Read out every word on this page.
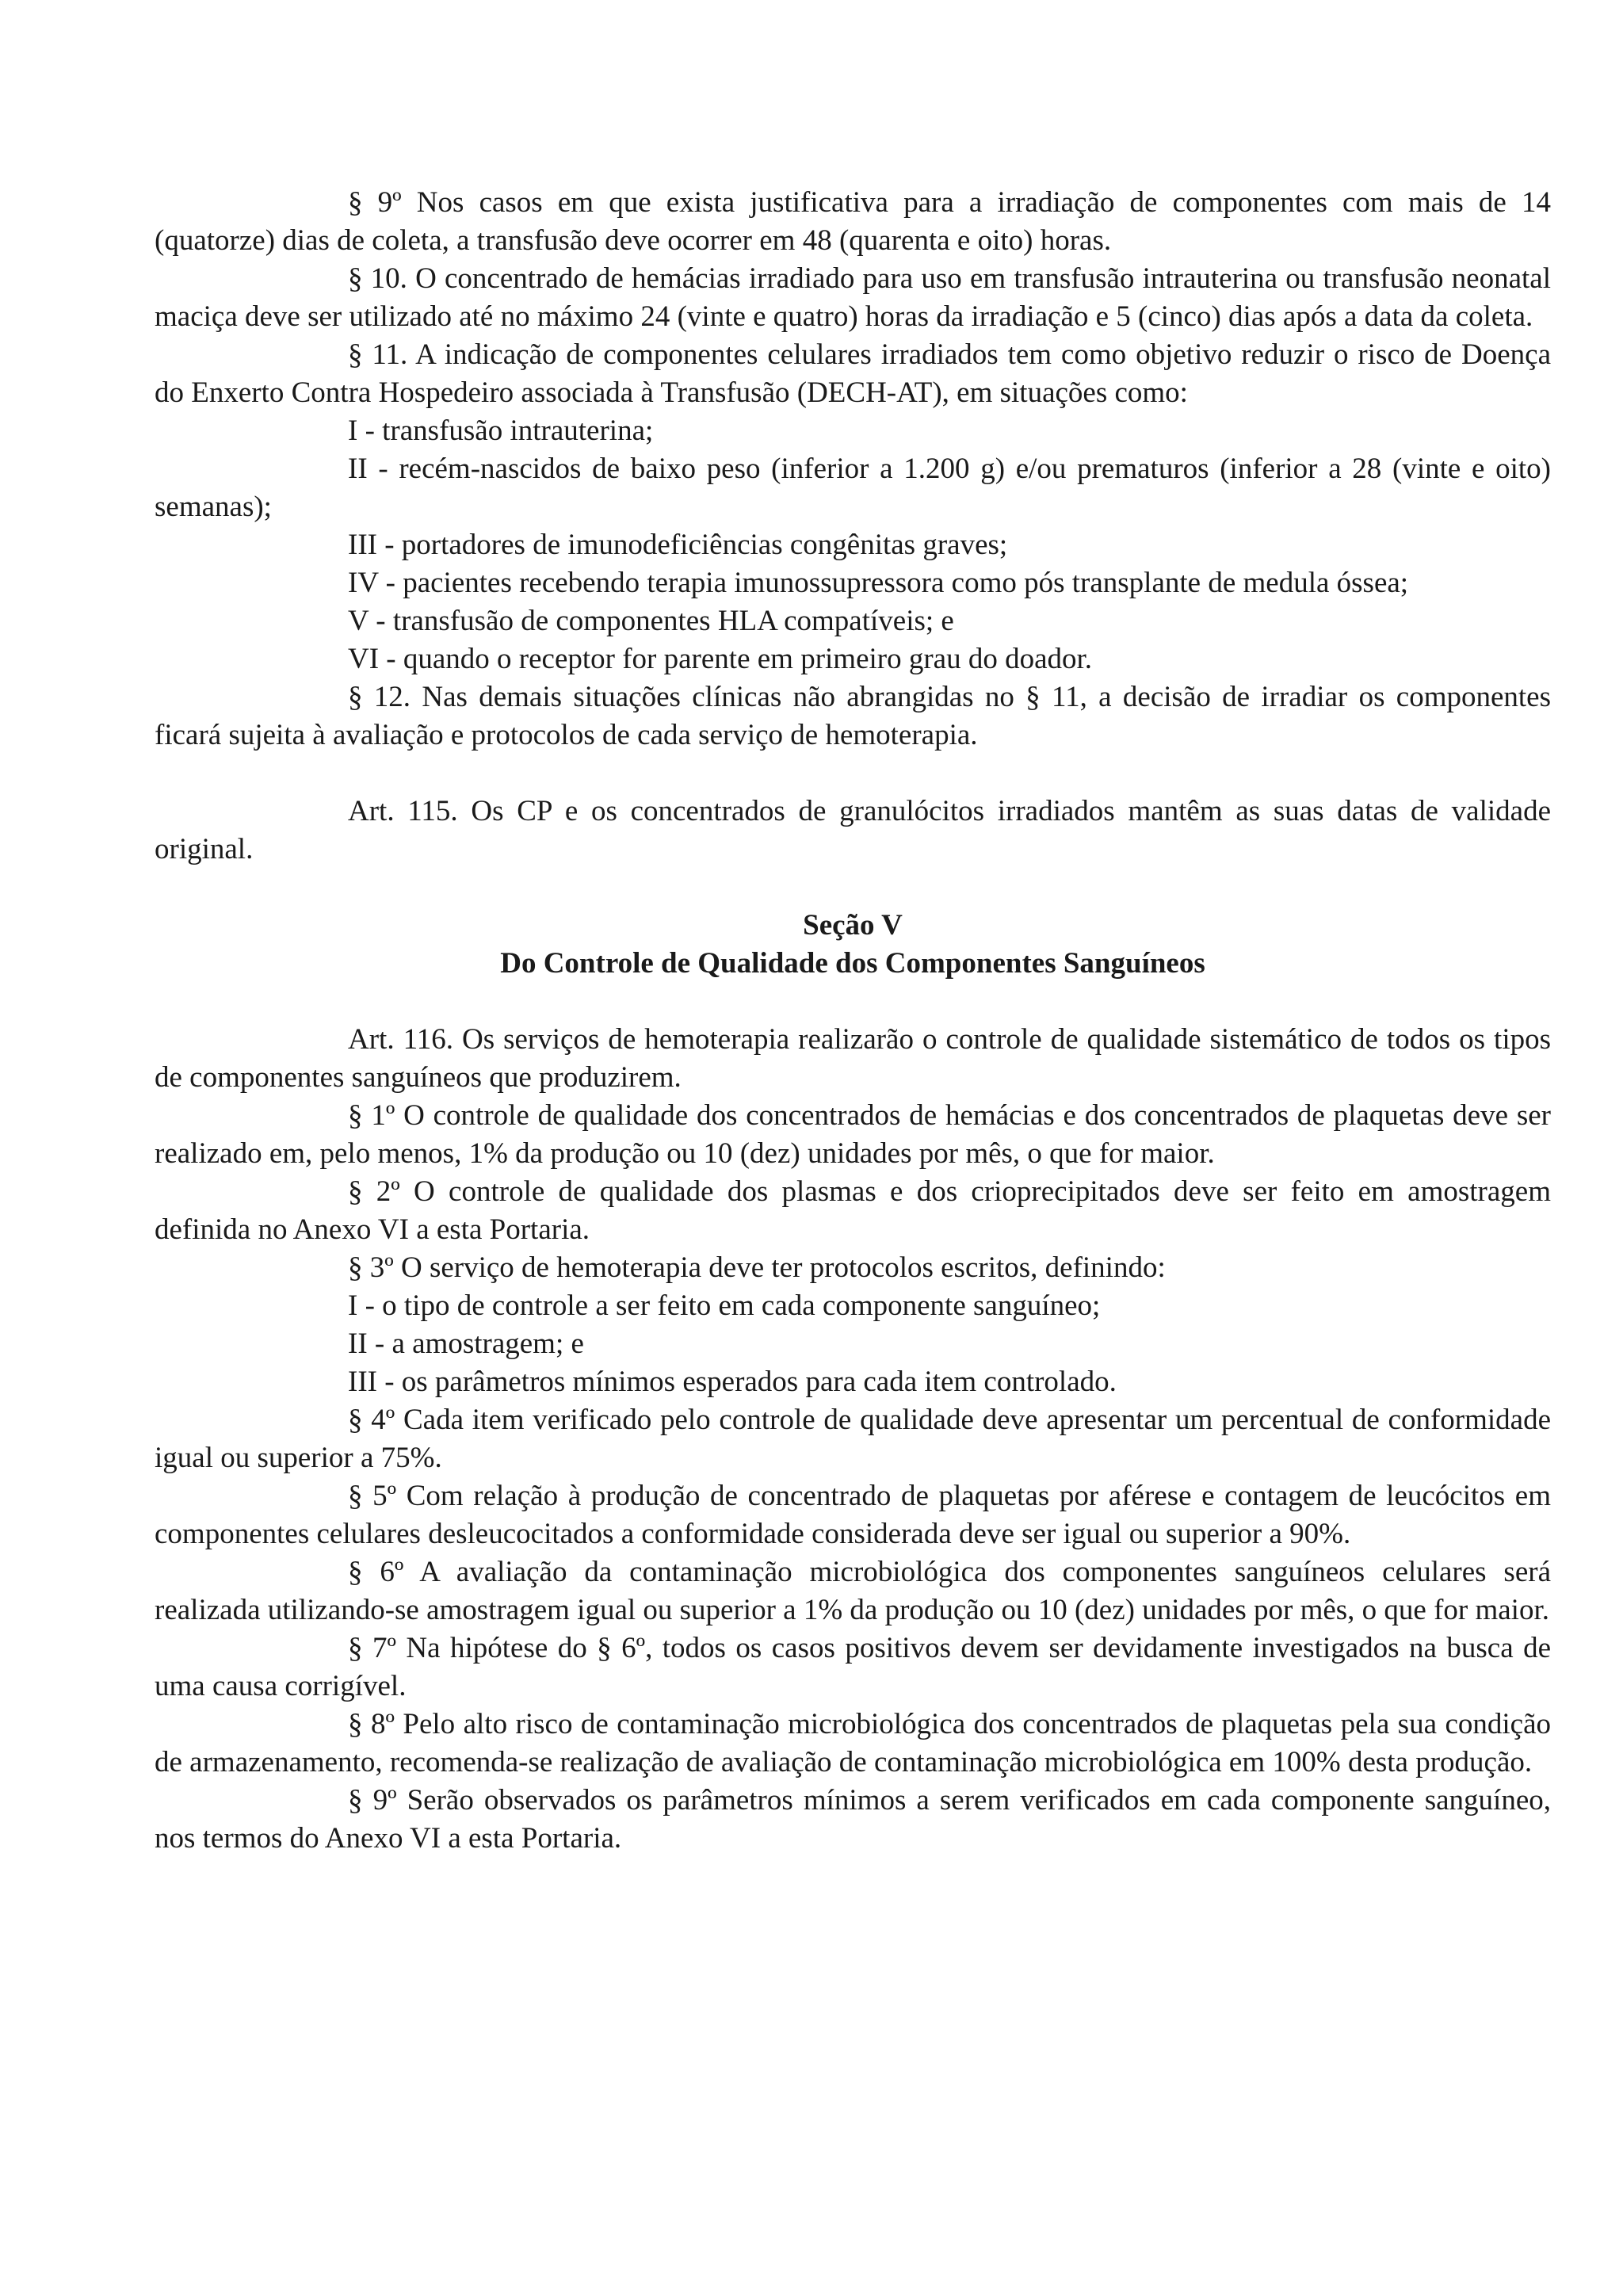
§ 9º Nos casos em que exista justificativa para a irradiação de componentes com mais de 14 (quatorze) dias de coleta, a transfusão deve ocorrer em 48 (quarenta e oito) horas.

§ 10. O concentrado de hemácias irradiado para uso em transfusão intrauterina ou transfusão neonatal maciça deve ser utilizado até no máximo 24 (vinte e quatro) horas da irradiação e 5 (cinco) dias após a data da coleta.

§ 11. A indicação de componentes celulares irradiados tem como objetivo reduzir o risco de Doença do Enxerto Contra Hospedeiro associada à Transfusão (DECH-AT), em situações como:

I - transfusão intrauterina;

II - recém-nascidos de baixo peso (inferior a 1.200 g) e/ou prematuros (inferior a 28 (vinte e oito) semanas);

III - portadores de imunodeficiências congênitas graves;

IV - pacientes recebendo terapia imunossupressora como pós transplante de medula óssea;

V - transfusão de componentes HLA compatíveis; e

VI - quando o receptor for parente em primeiro grau do doador.

§ 12. Nas demais situações clínicas não abrangidas no § 11, a decisão de irradiar os componentes ficará sujeita à avaliação e protocolos de cada serviço de hemoterapia.

Art. 115. Os CP e os concentrados de granulócitos irradiados mantêm as suas datas de validade original.

Seção V

Do Controle de Qualidade dos Componentes Sanguíneos

Art. 116. Os serviços de hemoterapia realizarão o controle de qualidade sistemático de todos os tipos de componentes sanguíneos que produzirem.

§ 1º O controle de qualidade dos concentrados de hemácias e dos concentrados de plaquetas deve ser realizado em, pelo menos, 1% da produção ou 10 (dez) unidades por mês, o que for maior.

§ 2º O controle de qualidade dos plasmas e dos crioprecipitados deve ser feito em amostragem definida no Anexo VI a esta Portaria.

§ 3º O serviço de hemoterapia deve ter protocolos escritos, definindo:

I - o tipo de controle a ser feito em cada componente sanguíneo;

II - a amostragem; e

III - os parâmetros mínimos esperados para cada item controlado.

§ 4º Cada item verificado pelo controle de qualidade deve apresentar um percentual de conformidade igual ou superior a 75%.

§ 5º Com relação à produção de concentrado de plaquetas por aférese e contagem de leucócitos em componentes celulares desleucocitados a conformidade considerada deve ser igual ou superior a 90%.

§ 6º A avaliação da contaminação microbiológica dos componentes sanguíneos celulares será realizada utilizando-se amostragem igual ou superior a 1% da produção ou 10 (dez) unidades por mês, o que for maior.

§ 7º Na hipótese do § 6º, todos os casos positivos devem ser devidamente investigados na busca de uma causa corrigível.

§ 8º Pelo alto risco de contaminação microbiológica dos concentrados de plaquetas pela sua condição de armazenamento, recomenda-se realização de avaliação de contaminação microbiológica em 100% desta produção.

§ 9º Serão observados os parâmetros mínimos a serem verificados em cada componente sanguíneo, nos termos do Anexo VI a esta Portaria.
